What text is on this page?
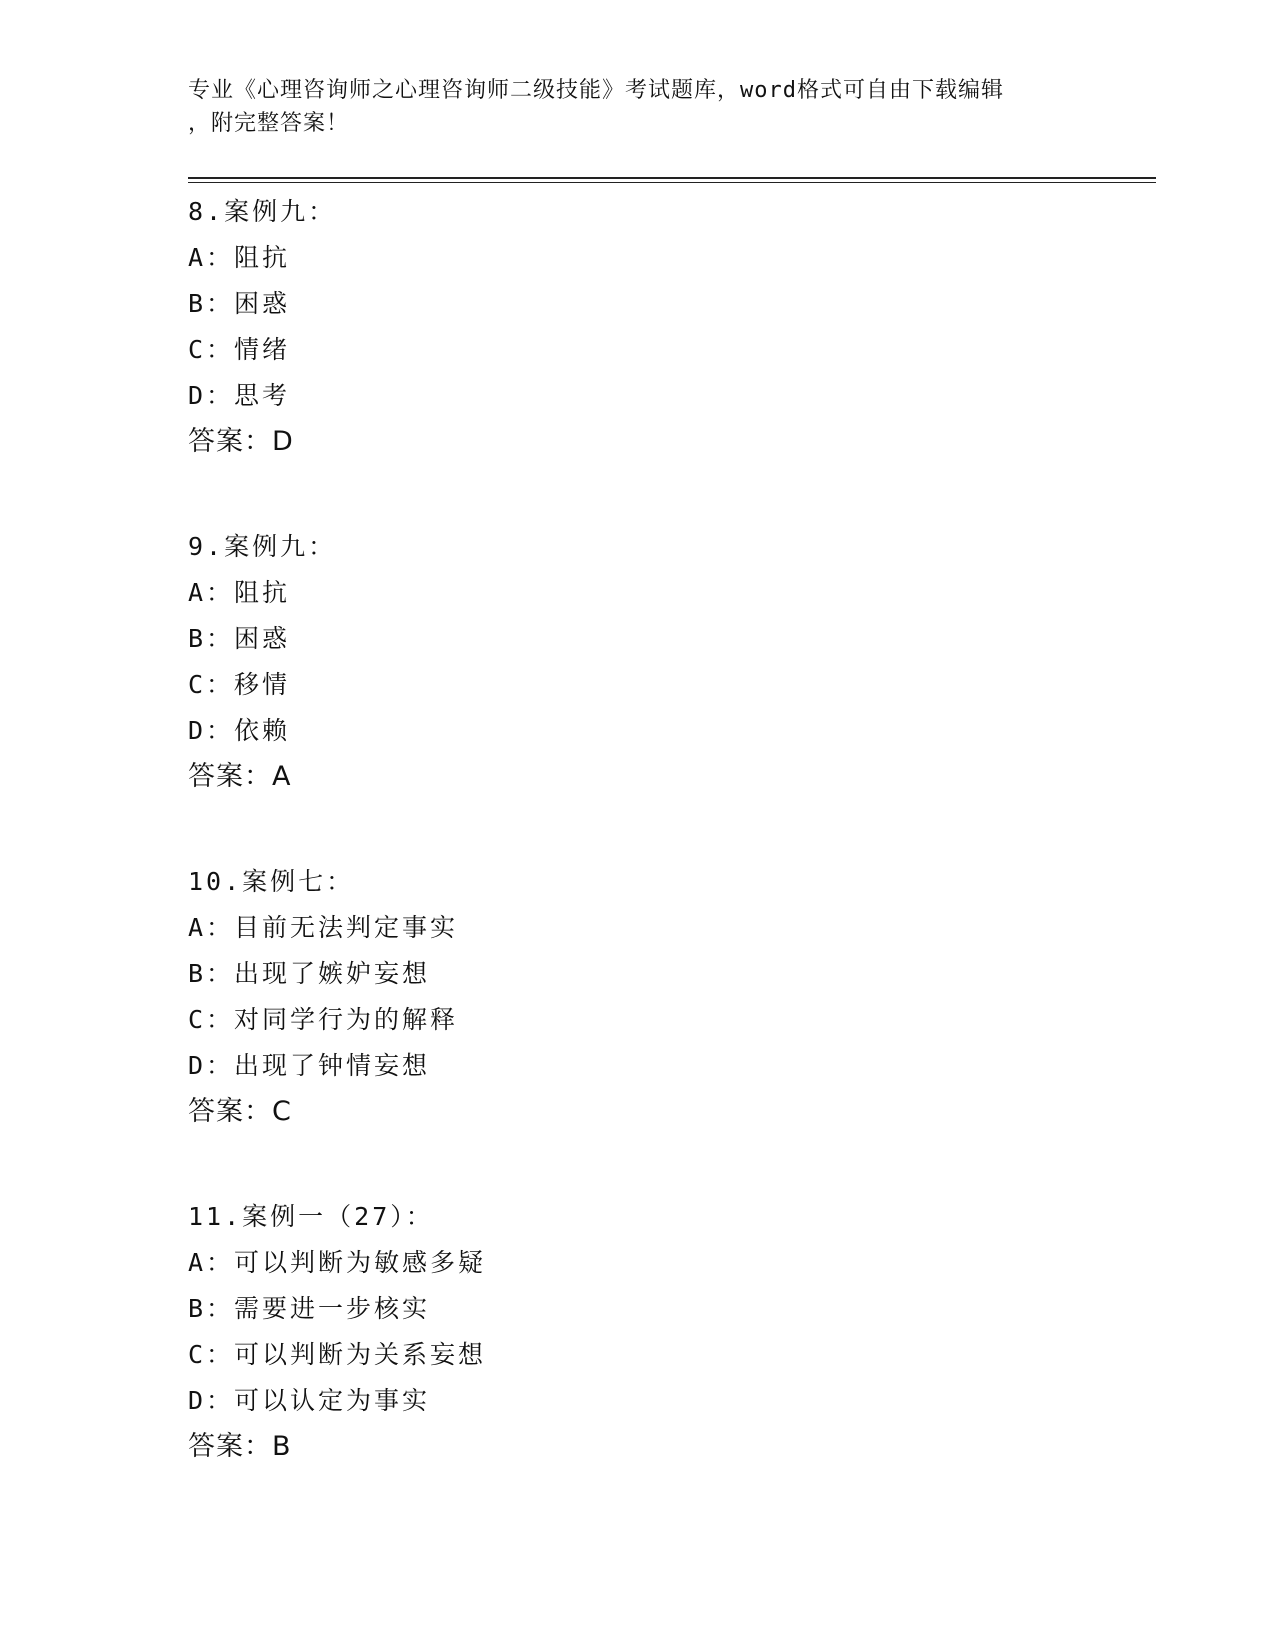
专业《心理咨询师之心理咨询师二级技能》考试题库，word格式可自由下载编辑
，附完整答案！
8.案例九：
A：阻抗
B：困惑
C：情绪
D：思考
答案：D
9.案例九：
A：阻抗
B：困惑
C：移情
D：依赖
答案：A
10.案例七：
A：目前无法判定事实
B：出现了嫉妒妄想
C：对同学行为的解释
D：出现了钟情妄想
答案：C
11.案例一（27）：
A：可以判断为敏感多疑
B：需要进一步核实
C：可以判断为关系妄想
D：可以认定为事实
答案：B
